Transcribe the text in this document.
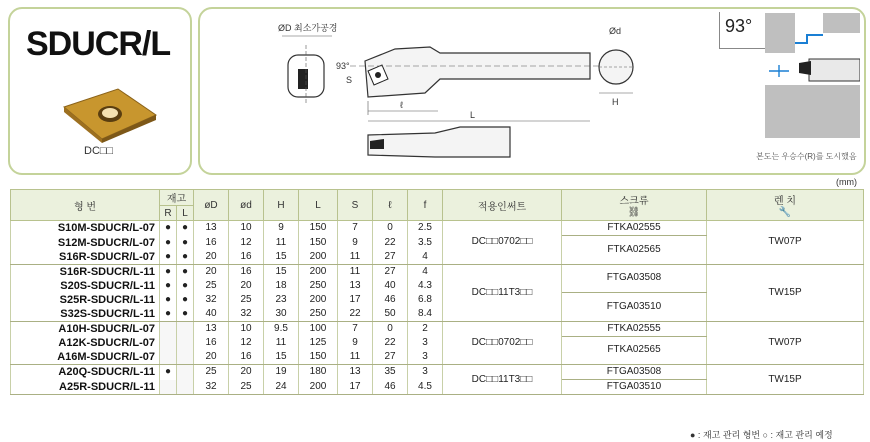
SDUCR/L
DC□□
ØD 최소가공경
93°
S
ℓ
L
Ød
H
93°
본도는 우승수(R)를 도시했음
(mm)
형 번	재고		øD	ød	H	L	S	ℓ	f	적용인써트	스크류
⛓	렌 치
🔧
	R	L										
S10M-SDUCR/L-07	●	●	13	10	9	150	7	0	2.5	DC□□0702□□	FTKA02555	TW07P
S12M-SDUCR/L-07	●	●	16	12	11	150	9	22	3.5		FTKA02565	
S16R-SDUCR/L-07	●	●	20	16	15	200	11	27	4			
S16R-SDUCR/L-11	●	●	20	16	15	200	11	27	4	DC□□11T3□□	FTGA03508	TW15P
S20S-SDUCR/L-11	●	●	25	20	18	250	13	40	4.3			
S25R-SDUCR/L-11	●	●	32	25	23	200	17	46	6.8		FTGA03510	
S32S-SDUCR/L-11	●	●	40	32	30	250	22	50	8.4			
A10H-SDUCR/L-07			13	10	9.5	100	7	0	2	DC□□0702□□	FTKA02555	TW07P
A12K-SDUCR/L-07			16	12	11	125	9	22	3		FTKA02565	
A16M-SDUCR/L-07			20	16	15	150	11	27	3			
A20Q-SDUCR/L-11	●		25	20	19	180	13	35	3	DC□□11T3□□	FTGA03508	TW15P
A25R-SDUCR/L-11			32	25	24	200	17	46	4.5		FTGA03510	
● : 재고 관리 형번 ○ : 재고 관리 예정
